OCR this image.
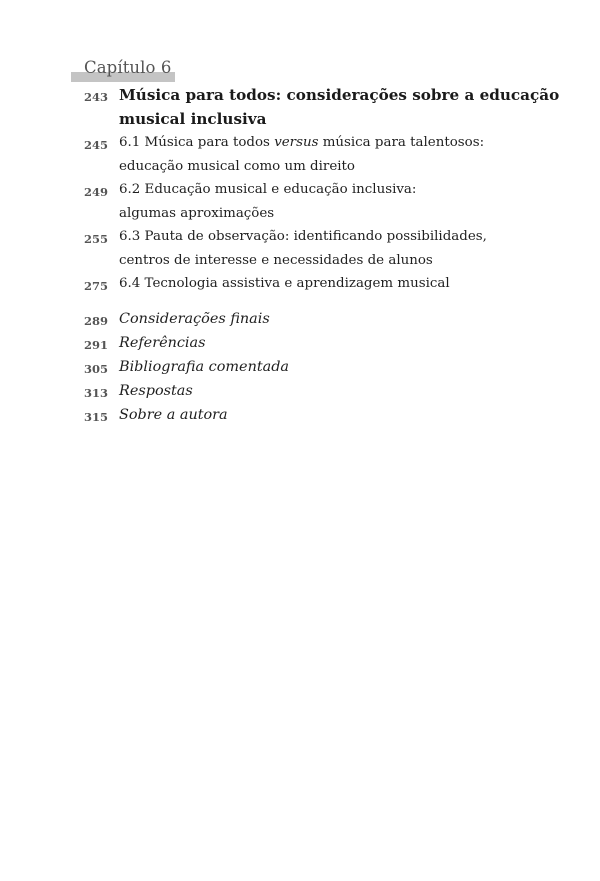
Capítulo 6
243 Música para todos: considerações sobre a educação
musical inclusiva
245 6.1 Música para todos versus música para talentosos:
educação musical como um direito
249 6.2 Educação musical e educação inclusiva:
algumas aproximações
255 6.3 Pauta de observação: identificando possibilidades,
centros de interesse e necessidades de alunos
275 6.4 Tecnologia assistiva e aprendizagem musical
289 Considerações finais
291 Referências
305 Bibliografia comentada
313 Respostas
315 Sobre a autora
